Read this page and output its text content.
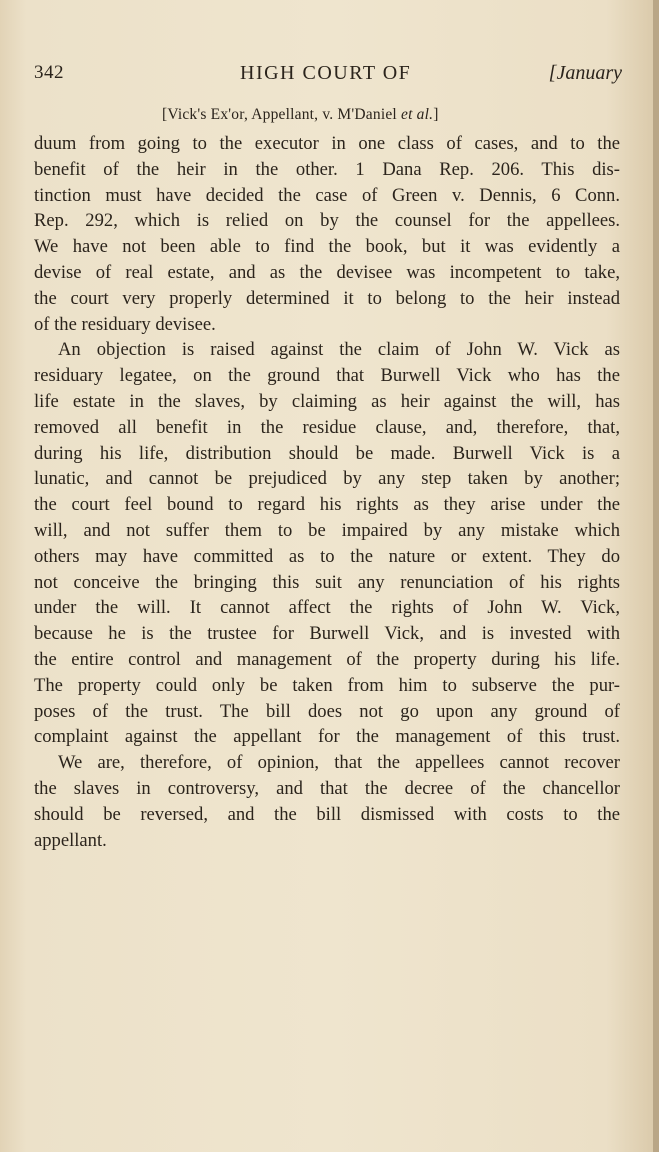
342	HIGH COURT OF	[January
[Vick's Ex'or, Appellant, v. M'Daniel et al.]
duum from going to the executor in one class of cases, and to the
benefit of the heir in the other. 1 Dana Rep. 206. This dis-
tinction must have decided the case of Green v. Dennis, 6 Conn.
Rep. 292, which is relied on by the counsel for the appellees.
We have not been able to find the book, but it was evidently a
devise of real estate, and as the devisee was incompetent to take,
the court very properly determined it to belong to the heir instead
of the residuary devisee.
An objection is raised against the claim of John W. Vick as
residuary legatee, on the ground that Burwell Vick who has the
life estate in the slaves, by claiming as heir against the will, has
removed all benefit in the residue clause, and, therefore, that,
during his life, distribution should be made. Burwell Vick is a
lunatic, and cannot be prejudiced by any step taken by another;
the court feel bound to regard his rights as they arise under the
will, and not suffer them to be impaired by any mistake which
others may have committed as to the nature or extent. They do
not conceive the bringing this suit any renunciation of his rights
under the will. It cannot affect the rights of John W. Vick,
because he is the trustee for Burwell Vick, and is invested with
the entire control and management of the property during his life.
The property could only be taken from him to subserve the pur-
poses of the trust. The bill does not go upon any ground of
complaint against the appellant for the management of this trust.
We are, therefore, of opinion, that the appellees cannot recover
the slaves in controversy, and that the decree of the chancellor
should be reversed, and the bill dismissed with costs to the
appellant.
